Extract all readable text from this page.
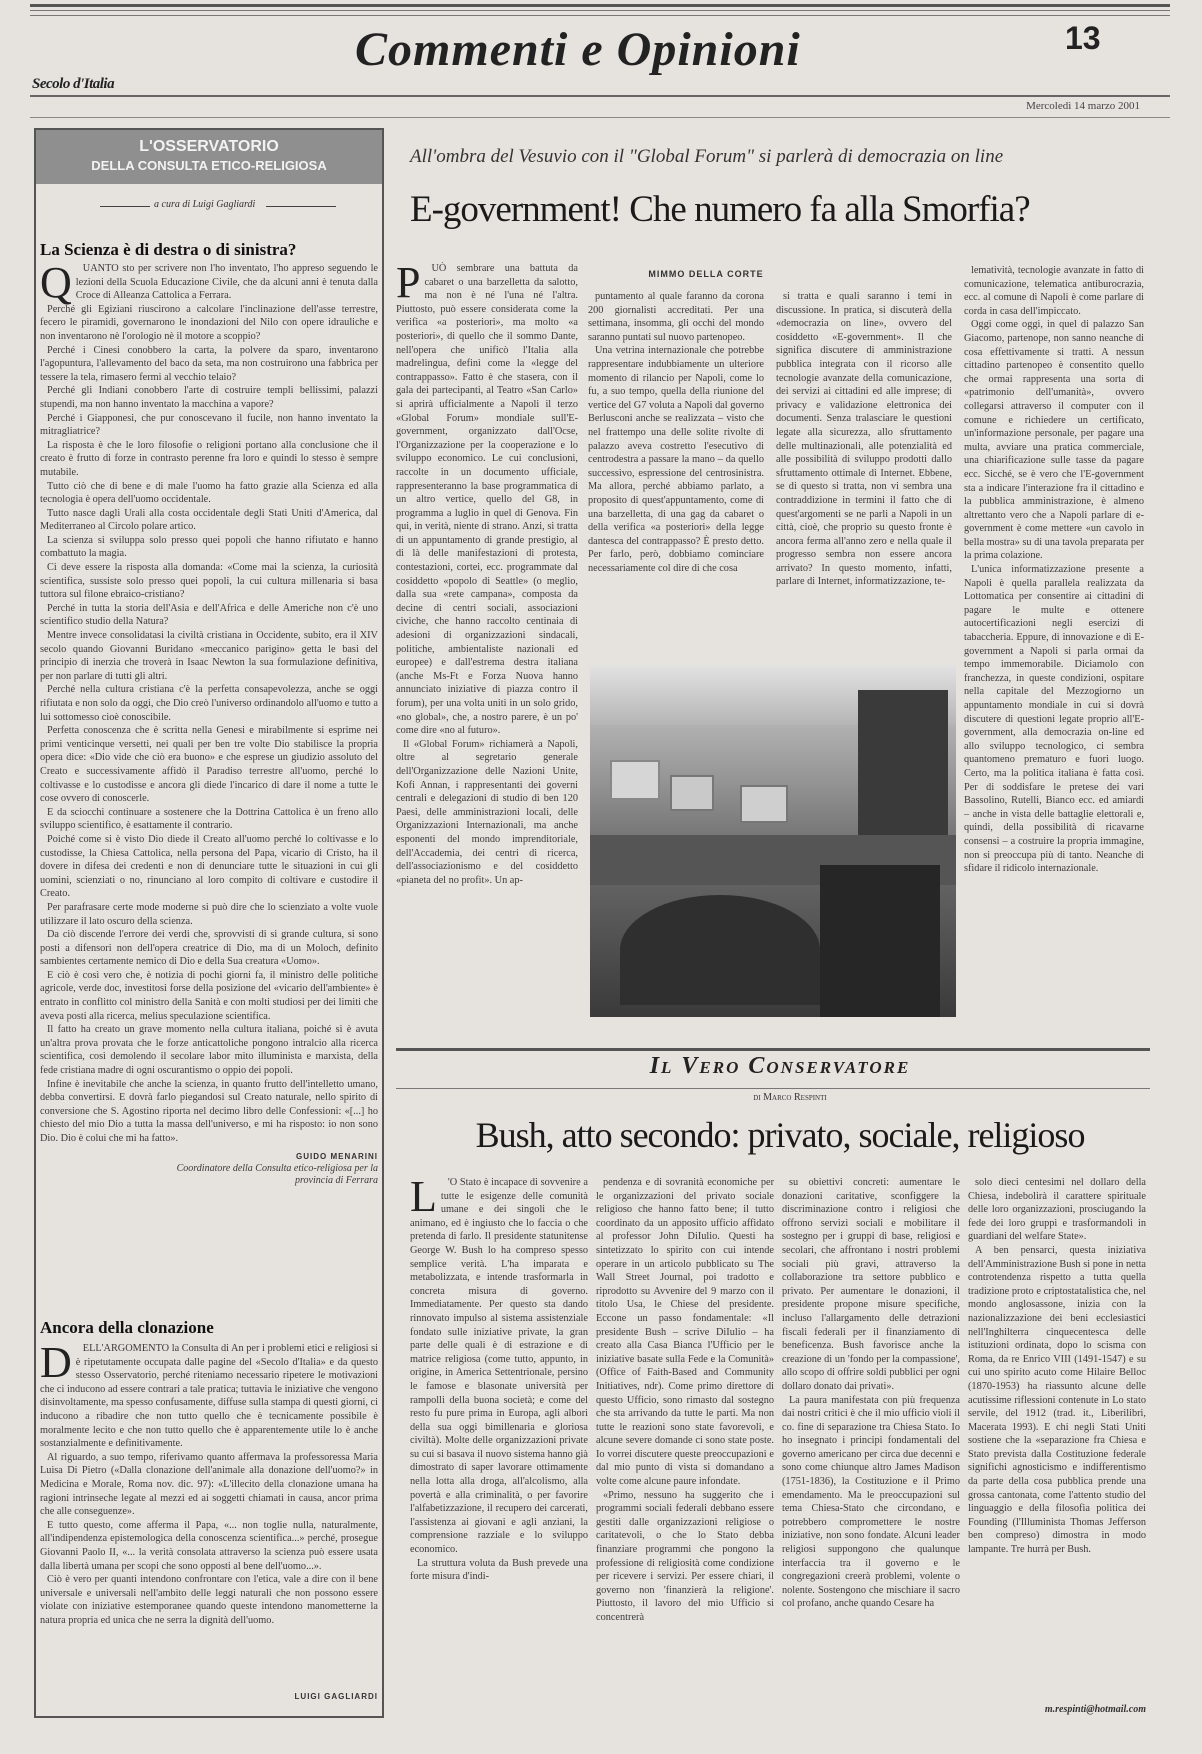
Secolo d'Italia
Commenti e Opinioni	13
Mercoledì 14 marzo 2001
L'OSSERVATORIO
DELLA CONSULTA ETICO-RELIGIOSA
a cura di Luigi Gagliardi
La Scienza è di destra o di sinistra?
Q	UANTO sto per scrivere non l'ho inventato, l'ho appreso seguendo le lezioni della Scuola Educazione Civile, che da alcuni anni è tenuta dalla Croce di Alleanza Cattolica a Ferrara.

Perché gli Egiziani riuscirono a calcolare l'inclinazione dell'asse terrestre, fecero le piramidi, governarono le inondazioni del Nilo con opere idrauliche e non inventarono nè l'orologio nè il motore a scoppio?

Perché i Cinesi conobbero la carta, la polvere da sparo, inventarono l'agopuntura, l'allevamento del baco da seta, ma non costruirono una fabbrica per tessere la tela, rimasero fermi al vecchio telaio?

Perché gli Indiani conobbero l'arte di costruire templi bellissimi, palazzi stupendi, ma non hanno inventato la macchina a vapore?

Perché i Giapponesi, che pur conoscevano il fucile, non hanno inventato la mitragliatrice?

La risposta è che le loro filosofie o religioni portano alla conclusione che il creato è frutto di forze in contrasto perenne fra loro e quindi lo stesso è sempre mutabile.

Tutto ciò che di bene e di male l'uomo ha fatto grazie alla Scienza ed alla tecnologia è opera dell'uomo occidentale.

Tutto nasce dagli Urali alla costa occidentale degli Stati Uniti d'America, dal Mediterraneo al Circolo polare artico.

La scienza si sviluppa solo presso quei popoli che hanno rifiutato e hanno combattuto la magia.

Ci deve essere la risposta alla domanda: «Come mai la scienza, la curiosità scientifica, sussiste solo presso quei popoli, la cui cultura millenaria si basa tuttora sul filone ebraico-cristiano?

Perché in tutta la storia dell'Asia e dell'Africa e delle Americhe non c'è uno scientifico studio della Natura?

Mentre invece consolidatasi la civiltà cristiana in Occidente, subito, era il XIV secolo quando Giovanni Buridano «meccanico parigino» getta le basi del principio di inerzia che troverà in Isaac Newton la sua formulazione definitiva, per non parlare di tutti gli altri.

Perché nella cultura cristiana c'è la perfetta consapevolezza, anche se oggi rifiutata e non solo da oggi, che Dio creò l'universo ordinandolo all'uomo e tutto a lui sottomesso cioè conoscibile.

Perfetta conoscenza che è scritta nella Genesi e mirabilmente si esprime nei primi venticinque versetti, nei quali per ben tre volte Dio stabilisce la propria opera dice: «Dio vide che ciò era buono» e che esprese un giudizio assoluto del Creato e successivamente affidò il Paradiso terrestre all'uomo, perché lo coltivasse e lo custodisse e ancora gli diede l'incarico di dare il nome a tutte le cose ovvero di conoscerle.

E da sciocchi continuare a sostenere che la Dottrina Cattolica è un freno allo sviluppo scientifico, è esattamente il contrario.

Poiché come si è visto Dio diede il Creato all'uomo perché lo coltivasse e lo custodisse, la Chiesa Cattolica, nella persona del Papa, vicario di Cristo, ha il dovere in difesa dei credenti e non di denunciare tutte le situazioni in cui gli uomini, scienziati o no, rinunciano al loro compito di coltivare e custodire il Creato.

Per parafrasare certe mode moderne si può dire che lo scienziato a volte vuole utilizzare il lato oscuro della scienza.

Da ciò discende l'errore dei verdi che, sprovvisti di si grande cultura, si sono posti a difensori non dell'opera creatrice di Dio, ma di un Moloch, definito sambientes certamente nemico di Dio e della Sua creatura «Uomo».

E ciò è così vero che, è notizia di pochi giorni fa, il ministro delle politiche agricole, verde doc, investitosi forse della posizione del «vicario dell'ambiente» è entrato in conflitto col ministro della Sanità e con molti studiosi per dei limiti che aveva posti alla ricerca, melius speculazione scientifica.

Il fatto ha creato un grave momento nella cultura italiana, poiché si è avuta un'altra prova provata che le forze anticattoliche pongono intralcio alla ricerca scientifica, così demolendo il secolare labor mito illuminista e marxista, della fede cristiana madre di ogni oscurantismo o oppio dei popoli.

Infine è inevitabile che anche la scienza, in quanto frutto dell'intelletto umano, debba convertirsi. E dovrà farlo piegandosi sul Creato naturale, nello spirito di conversione che S. Agostino riporta nel decimo libro delle Confessioni: «[...] ho chiesto del mio Dio a tutta la massa dell'universo, e mi ha risposto: io non sono Dio. Dio è colui che mi ha fatto».

GUIDO MENARINI
Coordinatore della Consulta etico-religiosa per la provincia di Ferrara
Ancora della clonazione
D	ELL'ARGOMENTO la Consulta di An per i problemi etici e religiosi si è ripetutamente occupata dalle pagine del «Secolo d'Italia» e da questo stesso Osservatorio, perché riteniamo necessario ripetere le motivazioni che ci inducono ad essere contrari a tale pratica; tuttavia le iniziative che vengono disinvoltamente, ma spesso confusamente, diffuse sulla stampa di questi giorni, ci inducono a ribadire che non tutto quello che è tecnicamente possibile è moralmente lecito e che non tutto quello che è apparentemente utile lo è anche sostanzialmente e definitivamente.

Al riguardo, a suo tempo, riferivamo quanto affermava la professoressa Maria Luisa Di Pietro («Dalla clonazione dell'animale alla donazione dell'uomo?» in Medicina e Morale, Roma nov. dic. 97): «L'illecito della clonazione umana ha ragioni intrinseche legate al mezzi ed ai soggetti chiamati in causa, ancor prima che alle conseguenze».

E tutto questo, come afferma il Papa, «... non toglie nulla, naturalmente, all'indipendenza epistemologica della conoscenza scientifica...» perché, prosegue Giovanni Paolo II, «... la verità consolata attraverso la scienza può essere usata dalla libertà umana per scopi che sono opposti al bene dell'uomo...».

Ciò è vero per quanti intendono confrontare con l'etica, vale a dire con il bene universale e universali nell'ambito delle leggi naturali che non possono essere violate con iniziative estemporanee quando queste intendono manometterne la natura propria ed unica che ne serra la dignità dell'uomo.

LUIGI GAGLIARDI
All'ombra del Vesuvio con il "Global Forum" si parlerà di democrazia on line
E-government! Che numero fa alla Smorfia?
P	UÒ sembrare una battuta da cabaret o una barzelletta da salotto, ma non è né l'una né l'altra. Piuttosto, può essere considerata come la verifica «a posteriori», ma molto «a posteriori», di quello che il sommo Dante, nell'opera che unificò l'Italia alla madrelingua, definì come la «legge del contrappasso». Fatto è che stasera, con il gala dei partecipanti, al Teatro «San Carlo» si aprirà ufficialmente a Napoli il terzo «Global Forum» mondiale sull'E-government, organizzato dall'Ocse, l'Organizzazione per la cooperazione e lo sviluppo economico. Le cui conclusioni, raccolte in un documento ufficiale, rappresenteranno la base programmatica di un altro vertice, quello del G8, in programma a luglio in quel di Genova. Fin qui, in verità, niente di strano. Anzi, si tratta di un appuntamento di grande prestigio, al di là delle manifestazioni di protesta, contestazioni, cortei, ecc. programmate dal cosiddetto «popolo di Seattle» (o meglio, dalla sua «rete campana», composta da decine di centri sociali, associazioni civiche, che hanno raccolto centinaia di adesioni di organizzazioni sindacali, politiche, ambientaliste nazionali ed europee) e dall'estrema destra italiana (anche Ms-Ft e Forza Nuova hanno annunciato iniziative di piazza contro il forum), per una volta uniti in un solo grido, «no global», che, a nostro parere, è un po' come dire «no al futuro».

Il «Global Forum» richiamerà a Napoli, oltre al segretario generale dell'Organizzazione delle Nazioni Unite, Kofi Annan, i rappresentanti dei governi centrali e delegazioni di studio di ben 120 Paesi, delle amministrazioni locali, delle Organizzazioni Internazionali, ma anche esponenti del mondo imprenditoriale, dell'Accademia, dei centri di ricerca, dell'associazionismo e del cosiddetto «pianeta del no profit». Un ap-

MIMMO DELLA CORTE

puntamento al quale faranno da corona 200 giornalisti accreditati. Per una settimana, insomma, gli occhi del mondo saranno puntati sul nuovo partenopeo.

Una vetrina internazionale che potrebbe rappresentare indubbiamente un ulteriore momento di rilancio per Napoli, come lo fu, a suo tempo, quella della riunione del vertice del G7 voluta a Napoli dal governo Berlusconi anche se realizzata – visto che nel frattempo una delle solite rivolte di palazzo aveva costretto l'esecutivo di centrodestra a passare la mano – da quello successivo, espressione del centrosinistra. Ma allora, perché abbiamo parlato, a proposito di quest'appuntamento, come di una barzelletta, di una gag da cabaret o della verifica «a posteriori» della legge dantesca del contrappasso? È presto detto. Per farlo, però, dobbiamo cominciare necessariamente col dire di che cosa

si tratta e quali saranno i temi in discussione. In pratica, si discuterà della «democrazia on line», ovvero del cosiddetto «E-government». Il che significa discutere di amministrazione pubblica integrata con il ricorso alle tecnologie avanzate della comunicazione, dei servizi ai cittadini ed alle imprese; di privacy e validazione elettronica dei documenti. Senza tralasciare le questioni legate alla sicurezza, allo sfruttamento delle multinazionali, alle potenzialità ed alle possibilità di sviluppo prodotti dallo sfruttamento ottimale di Internet. Ebbene, se di questo si tratta, non vi sembra una contraddizione in termini il fatto che di quest'argomenti se ne parli a Napoli in un città, cioè, che proprio su questo fronte è ancora ferma all'anno zero e nella quale il progresso sembra non essere ancora arrivato? In questo momento, infatti, parlare di Internet, informatizzazione, te-

lematività, tecnologie avanzate in fatto di comunicazione, telematica antiburocrazia, ecc. al comune di Napoli è come parlare di corda in casa dell'impiccato.

Oggi come oggi, in quel di palazzo San Giacomo, partenope, non sanno neanche di cosa effettivamente si tratti. A nessun cittadino partenopeo è consentito quello che ormai rappresenta una sorta di «patrimonio dell'umanità», ovvero collegarsi attraverso il computer con il comune e richiedere un certificato, un'informazione personale, per pagare una multa, avviare una pratica commerciale, una chiarificazione sulle tasse da pagare ecc. Sicché, se è vero che l'E-government sta a indicare l'interazione fra il cittadino e la pubblica amministrazione, è almeno altrettanto vero che a Napoli parlare di e-government è come mettere «un cavolo in bella mostra» su di una tavola preparata per la prima colazione.

L'unica informatizzazione presente a Napoli è quella parallela realizzata da Lottomatica per consentire ai cittadini di pagare le multe e ottenere autocertificazioni negli esercizi di tabaccheria. Eppure, di innovazione e di E-government a Napoli si parla ormai da tempo immemorabile. Diciamolo con franchezza, in queste condizioni, ospitare nella capitale del Mezzogiorno un appuntamento mondiale in cui si dovrà discutere di questioni legate proprio all'E-government, alla democrazia on-line ed allo sviluppo tecnologico, ci sembra quantomeno prematuro e fuori luogo. Certo, ma la politica italiana è fatta così. Per di soddisfare le pretese dei vari Bassolino, Rutelli, Bianco ecc. ed amiardi – anche in vista delle battaglie elettorali e, quindi, della possibilità di ricavarne consensi – a costruire la propria immagine, non si preoccupa più di tanto. Neanche di sfidare il ridicolo internazionale.

Il Vero Conservatore
di Marco Respinti
Bush, atto secondo: privato, sociale, religioso
L	'O Stato è incapace di sovvenire a tutte le esigenze delle comunità umane e dei singoli che le animano, ed è ingiusto che lo faccia o che pretenda di farlo. Il presidente statunitense George W. Bush lo ha compreso spesso semplice verità. L'ha imparata e metabolizzata, e intende trasformarla in concreta misura di governo. Immediatamente. Per questo sta dando rinnovato impulso al sistema assistenziale fondato sulle iniziative private, la gran parte delle quali è di estrazione e di matrice religiosa (come tutto, appunto, in origine, in America Settentrionale, persino le famose e blasonate università per rampolli della buona società; e come del resto fu pure prima in Europa, agli albori della sua oggi bimillenaria e gloriosa civiltà). Molte delle organizzazioni private su cui si basava il nuovo sistema hanno già dimostrato di saper lavorare ottimamente nella lotta alla droga, all'alcolismo, alla povertà e alla criminalità, o per favorire l'alfabetizzazione, il recupero dei carcerati, l'assistenza ai giovani e agli anziani, la comprensione razziale e lo sviluppo economico.

La struttura voluta da Bush prevede una forte misura d'indi-

pendenza e di sovranità economiche per le organizzazioni del privato sociale religioso che hanno fatto bene; il tutto coordinato da un apposito ufficio affidato al professor John DiIulio. Questi ha sintetizzato lo spirito con cui intende operare in un articolo pubblicato su The Wall Street Journal, poi tradotto e riprodotto su Avvenire del 9 marzo con il titolo Usa, le Chiese del presidente. Eccone un passo fondamentale: «Il presidente Bush – scrive DiIulio – ha creato alla Casa Bianca l'Ufficio per le iniziative basate sulla Fede e la Comunità» (Office of Faith-Based and Community Initiatives, ndr). Come primo direttore di questo Ufficio, sono rimasto dal sostegno che sta arrivando da tutte le parti. Ma non tutte le reazioni sono state favorevoli, e alcune severe domande ci sono state poste. Io vorrei discutere queste preoccupazioni e dal mio punto di vista si domandano a volte come alcune paure infondate.

«Primo, nessuno ha suggerito che i programmi sociali federali debbano essere gestiti dalle organizzazioni religiose o caritatevoli, o che lo Stato debba finanziare programmi che pongono la professione di religiosità come condizione per ricevere i servizi. Per essere chiari, il governo non 'finanzierà la religione'. Piuttosto, il lavoro del mio Ufficio si concentrerà

su obiettivi concreti: aumentare le donazioni caritative, sconfiggere la discriminazione contro i religiosi che offrono servizi sociali e mobilitare il sostegno per i gruppi di base, religiosi e secolari, che affrontano i nostri problemi sociali più gravi, attraverso la collaborazione tra settore pubblico e privato. Per aumentare le donazioni, il presidente propone misure specifiche, incluso l'allargamento delle detrazioni fiscali federali per il finanziamento di beneficenza. Bush favorisce anche la creazione di un 'fondo per la compassione', allo scopo di offrire soldi pubblici per ogni dollaro donato dai privati».

La paura manifestata con più frequenza dai nostri critici è che il mio ufficio violi il co. fine di separazione tra Chiesa Stato. Io ho insegnato i principi fondamentali del governo americano per circa due decenni e sono come chiunque altro James Madison (1751-1836), la Costituzione e il Primo emendamento. Ma le preoccupazioni sul tema Chiesa-Stato che circondano, e potrebbero compromettere le nostre iniziative, non sono fondate. Alcuni leader religiosi suppongono che qualunque interfaccia tra il governo e le congregazioni creerà problemi, volente o nolente. Sostengono che mischiare il sacro col profano, anche quando Cesare ha

solo dieci centesimi nel dollaro della Chiesa, indebolirà il carattere spirituale delle loro organizzazioni, prosciugando la fede dei loro gruppi e trasformandoli in guardiani del welfare State».

A ben pensarci, questa iniziativa dell'Amministrazione Bush si pone in netta controtendenza rispetto a tutta quella tradizione proto e criptostatalistica che, nel mondo anglosassone, inizia con la nazionalizzazione dei beni ecclesiastici nell'Inghilterra cinquecentesca delle istituzioni ordinata, dopo lo scisma con Roma, da re Enrico VIII (1491-1547) e su cui uno spirito acuto come Hilaire Belloc (1870-1953) ha riassunto alcune delle acutissime riflessioni contenute in Lo stato servile, del 1912 (trad. it., Liberilibri, Macerata 1993). E chi negli Stati Uniti sostiene che la «separazione fra Chiesa e Stato prevista dalla Costituzione federale significhi agnosticismo e indifferentismo da parte della cosa pubblica prende una grossa cantonata, come l'attento studio del linguaggio e della filosofia politica dei Founding (l'Illuminista Thomas Jefferson ben compreso) dimostra in modo lampante. Tre hurrà per Bush.

m.respinti@hotmail.com
